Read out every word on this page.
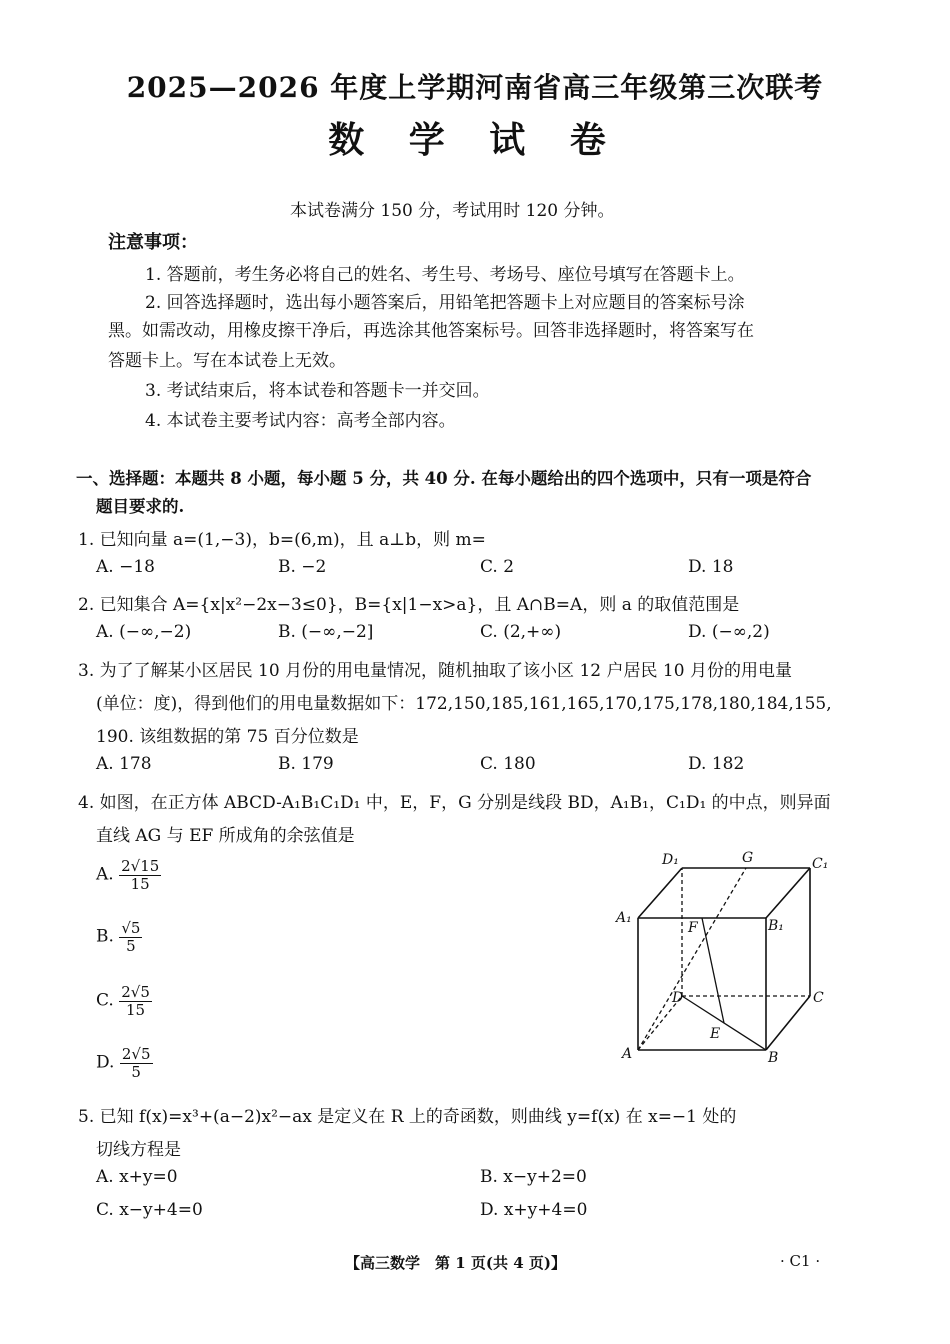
2025—2026 年度上学期河南省高三年级第三次联考
数 学 试 卷
本试卷满分 150 分，考试用时 120 分钟。
注意事项：
1. 答题前，考生务必将自己的姓名、考生号、考场号、座位号填写在答题卡上。
2. 回答选择题时，选出每小题答案后，用铅笔把答题卡上对应题目的答案标号涂
黑。如需改动，用橡皮擦干净后，再选涂其他答案标号。回答非选择题时，将答案写在
答题卡上。写在本试卷上无效。
3. 考试结束后，将本试卷和答题卡一并交回。
4. 本试卷主要考试内容：高考全部内容。
一、选择题：本题共 8 小题，每小题 5 分，共 40 分. 在每小题给出的四个选项中，只有一项是符合
题目要求的.
1. 已知向量 a=(1,−3)，b=(6,m)，且 a⊥b，则 m=
A. −18	B. −2	C. 2	D. 18
2. 已知集合 A={x|x²−2x−3≤0}，B={x|1−x>a}，且 A∩B=A，则 a 的取值范围是
A. (−∞,−2)	B. (−∞,−2]	C. (2,+∞)	D. (−∞,2)
3. 为了了解某小区居民 10 月份的用电量情况，随机抽取了该小区 12 户居民 10 月份的用电量
(单位：度)，得到他们的用电量数据如下：172,150,185,161,165,170,175,178,180,184,155,
190. 该组数据的第 75 百分位数是
A. 178	B. 179	C. 180	D. 182
4. 如图，在正方体 ABCD-A₁B₁C₁D₁ 中，E，F，G 分别是线段 BD，A₁B₁，C₁D₁ 的中点，则异面
直线 AG 与 EF 所成角的余弦值是
A. $\frac{2√15}{15}$
B. $\frac{√5}{5}$
C. $\frac{2√5}{15}$
D. $\frac{2√5}{5}$
D₁	G	C₁
A₁
F	B₁
D	C
E
A	B
5. 已知 f(x)=x³+(a−2)x²−ax 是定义在 R 上的奇函数，则曲线 y=f(x) 在 x=−1 处的
切线方程是
A. x+y=0	B. x−y+2=0
C. x−y+4=0	D. x+y+4=0
【高三数学　第 1 页(共 4 页)】	· C1 ·
